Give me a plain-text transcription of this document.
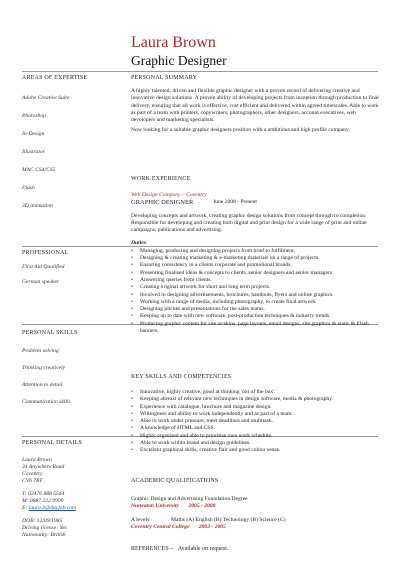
Laura Brown
Graphic Designer
AREAS OF EXPERTISE
Adobe Creative Suite
Photoshop
In-Design
Illustrator
MAC CS4/CS5
Flash
3D animation
PROFESSIONAL
First Aid Qualified
German speaker
PERSONAL SKILLS
Problem solving
Thinking creatively
Attention to detail
Communication skills
PERSONAL DETAILS
Laura Brown
34 Anywhere Road
Coventry
CV6 7RF
T: 02476 888 5544
M: 0887 222 9999
E: laura.b@dayjob.com
DOB: 12/09/1985
Driving license: Yes
Nationality: British
PERSONAL SUMMARY
A highly talented, driven and flexible graphic designer with a proven record of delivering creative and innovative design solutions. A proven ability of developing projects from inception through production to final delivery, ensuring that all work is effective, cost efficient and delivered within agreed timescales. Able to work as part of a team with printers, copywriters, photographers, other designers, account executives, web developers and marketing specialists.
Now looking for a suitable graphic designers position with a ambitious and high profile company.
WORK EXPERIENCE
Web Design Company – Coventry
GRAPHIC DESIGNER	June 2008 - Present
Developing concepts and artwork, creating graphic design solutions from concept through to completion. Responsible for developing and creating both digital and print design for a wide range of print and online campaigns, publications and advertising.
Duties:
• Managing, producing and designing projects from brief to fulfilment.
• Designing & creating marketing & e-marketing materials on a range of projects.
• Ensuring consistency in a clients corporate and promotional brands.
• Presenting finalised ideas & concepts to clients, senior designers and senior managers.
• Answering queries from clients.
• Creating original artwork for short and long term projects.
• Involved in designing advertisements, brochures, handouts, flyers and online graphics.
• Working with a range of media, including photography, to create final artwork.
• Designing pitches and presentations for the sales teams.
• Keeping up to date with new software, post-production techniques & industry trends.
• Producing graphic content for site re-skins, page layouts, email designs, site graphics & static & Flash banners.
KEY SKILLS AND COMPETENCIES
• Innovative, highly creative, good at thinking 'out of the box'.
• Keeping abreast of relevant new techniques in design software, media & photography.
• Experience with catalogue, brochure and magazine design.
• Willingness and ability to work independently and as part of a team.
• Able to work under pressure, meet deadlines and multitask.
• A knowledge of HTML and CSS.
• Highly organised and able to prioritise own work schedule.
• Able to work within brand and design guidelines.
• Excellent graphical skills, creative flair and good colour sense.
ACADEMIC QUALIFICATIONS
Graphic Design and Advertising Foundation Degree
Nuneaton University 2005 - 2008
A levels:	Maths (A) English (B) Technology (B) Science (C)
Coventry Central College 2003 - 2005
REFERENCES – Available on request.
